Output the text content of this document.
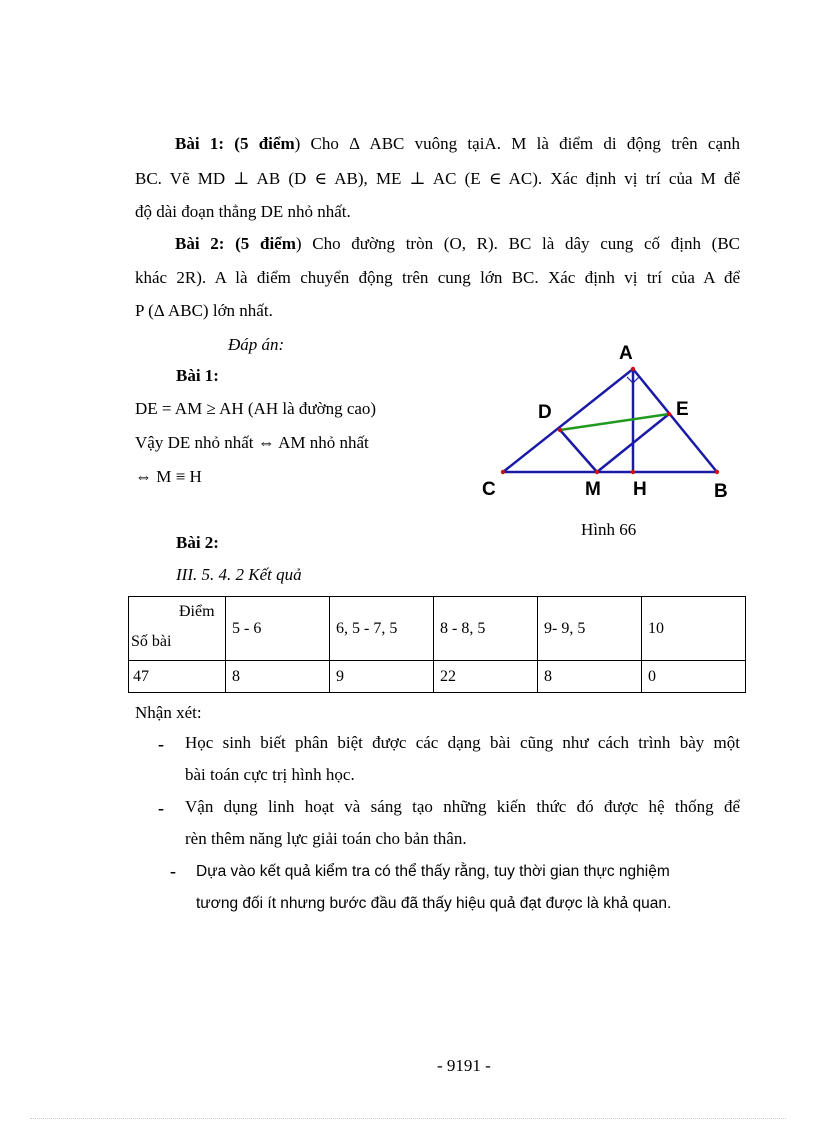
Bài 1: (5 điểm) Cho Δ ABC vuông tạiA. M là điểm di động trên cạnh
BC. Vẽ MD ⊥ AB (D ∈ AB), ME ⊥ AC (E ∈ AC). Xác định vị trí của M để
độ dài đoạn thẳng DE nhỏ nhất.
Bài 2: (5 điểm) Cho đường tròn (O, R). BC là dây cung cố định (BC
khác 2R). A là điểm chuyển động trên cung lớn BC. Xác định vị trí của A để
P (Δ ABC) lớn nhất.
Đáp án:
Bài 1:
DE = AM ≥ AH (AH là đường cao)
Vậy DE nhỏ nhất ⇔ AM nhỏ nhất
⇔ M ≡ H
Bài 2:
A
D	E
C	M H	B
Hình 66
III. 5. 4. 2 Kết quả
Điểm
Số bài	5 - 6	6, 5 - 7, 5	8 - 8, 5	9- 9, 5	10
47	8	9	22	8	0
Nhận xét:
- Học sinh biết phân biệt được các dạng bài cũng như cách trình bày một
bài toán cực trị hình học.
- Vận dụng linh hoạt và sáng tạo những kiến thức đó được hệ thống để
rèn thêm năng lực giải toán cho bản thân.
- Dựa vào kết quả kiểm tra có thể thấy rằng, tuy thời gian thực nghiệm
tương đối ít nhưng bước đầu đã thấy hiệu quả đạt được là khả quan.
- 9191 -
